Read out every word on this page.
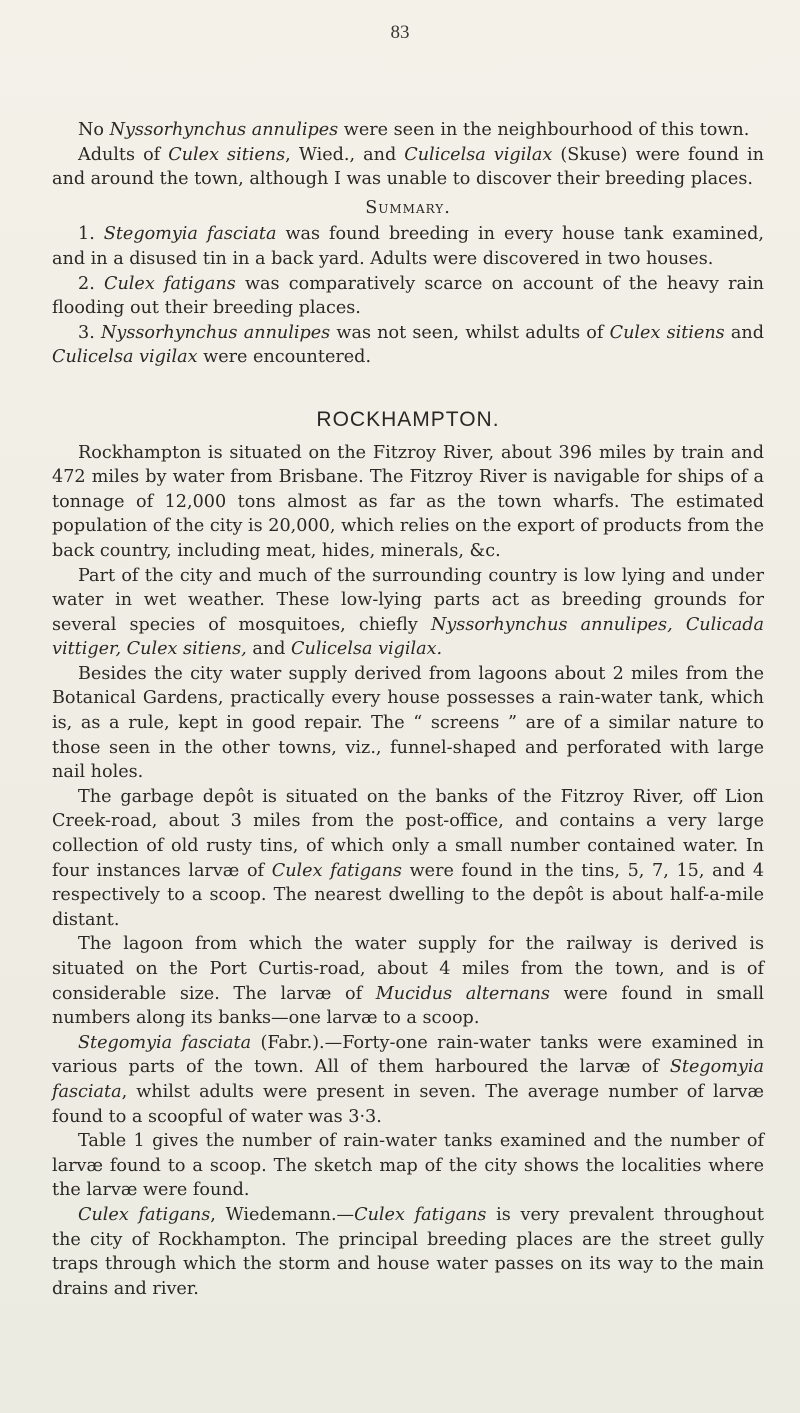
83

No Nyssorhynchus annulipes were seen in the neighbourhood of this town.

Adults of Culex sitiens, Wied., and Culicelsa vigilax (Skuse) were found in and around the town, although I was unable to discover their breeding places.

Summary.

1. Stegomyia fasciata was found breeding in every house tank examined, and in a disused tin in a back yard. Adults were discovered in two houses.

2. Culex fatigans was comparatively scarce on account of the heavy rain flooding out their breeding places.

3. Nyssorhynchus annulipes was not seen, whilst adults of Culex sitiens and Culicelsa vigilax were encountered.

ROCKHAMPTON.

Rockhampton is situated on the Fitzroy River, about 396 miles by train and 472 miles by water from Brisbane. The Fitzroy River is navigable for ships of a tonnage of 12,000 tons almost as far as the town wharfs. The estimated population of the city is 20,000, which relies on the export of products from the back country, including meat, hides, minerals, &c.

Part of the city and much of the surrounding country is low lying and under water in wet weather. These low-lying parts act as breeding grounds for several species of mosquitoes, chiefly Nyssorhynchus annulipes, Culicada vittiger, Culex sitiens, and Culicelsa vigilax.

Besides the city water supply derived from lagoons about 2 miles from the Botanical Gardens, practically every house possesses a rain-water tank, which is, as a rule, kept in good repair. The “ screens ” are of a similar nature to those seen in the other towns, viz., funnel-shaped and perforated with large nail holes.

The garbage depôt is situated on the banks of the Fitzroy River, off Lion Creek-road, about 3 miles from the post-office, and contains a very large collection of old rusty tins, of which only a small number contained water. In four instances larvæ of Culex fatigans were found in the tins, 5, 7, 15, and 4 respectively to a scoop. The nearest dwelling to the depôt is about half-a-mile distant.

The lagoon from which the water supply for the railway is derived is situated on the Port Curtis-road, about 4 miles from the town, and is of considerable size. The larvæ of Mucidus alternans were found in small numbers along its banks—one larvæ to a scoop.

Stegomyia fasciata (Fabr.).—Forty-one rain-water tanks were examined in various parts of the town. All of them harboured the larvæ of Stegomyia fasciata, whilst adults were present in seven. The average number of larvæ found to a scoopful of water was 3·3.

Table 1 gives the number of rain-water tanks examined and the number of larvæ found to a scoop. The sketch map of the city shows the localities where the larvæ were found.

Culex fatigans, Wiedemann.—Culex fatigans is very prevalent throughout the city of Rockhampton. The principal breeding places are the street gully traps through which the storm and house water passes on its way to the main drains and river.
